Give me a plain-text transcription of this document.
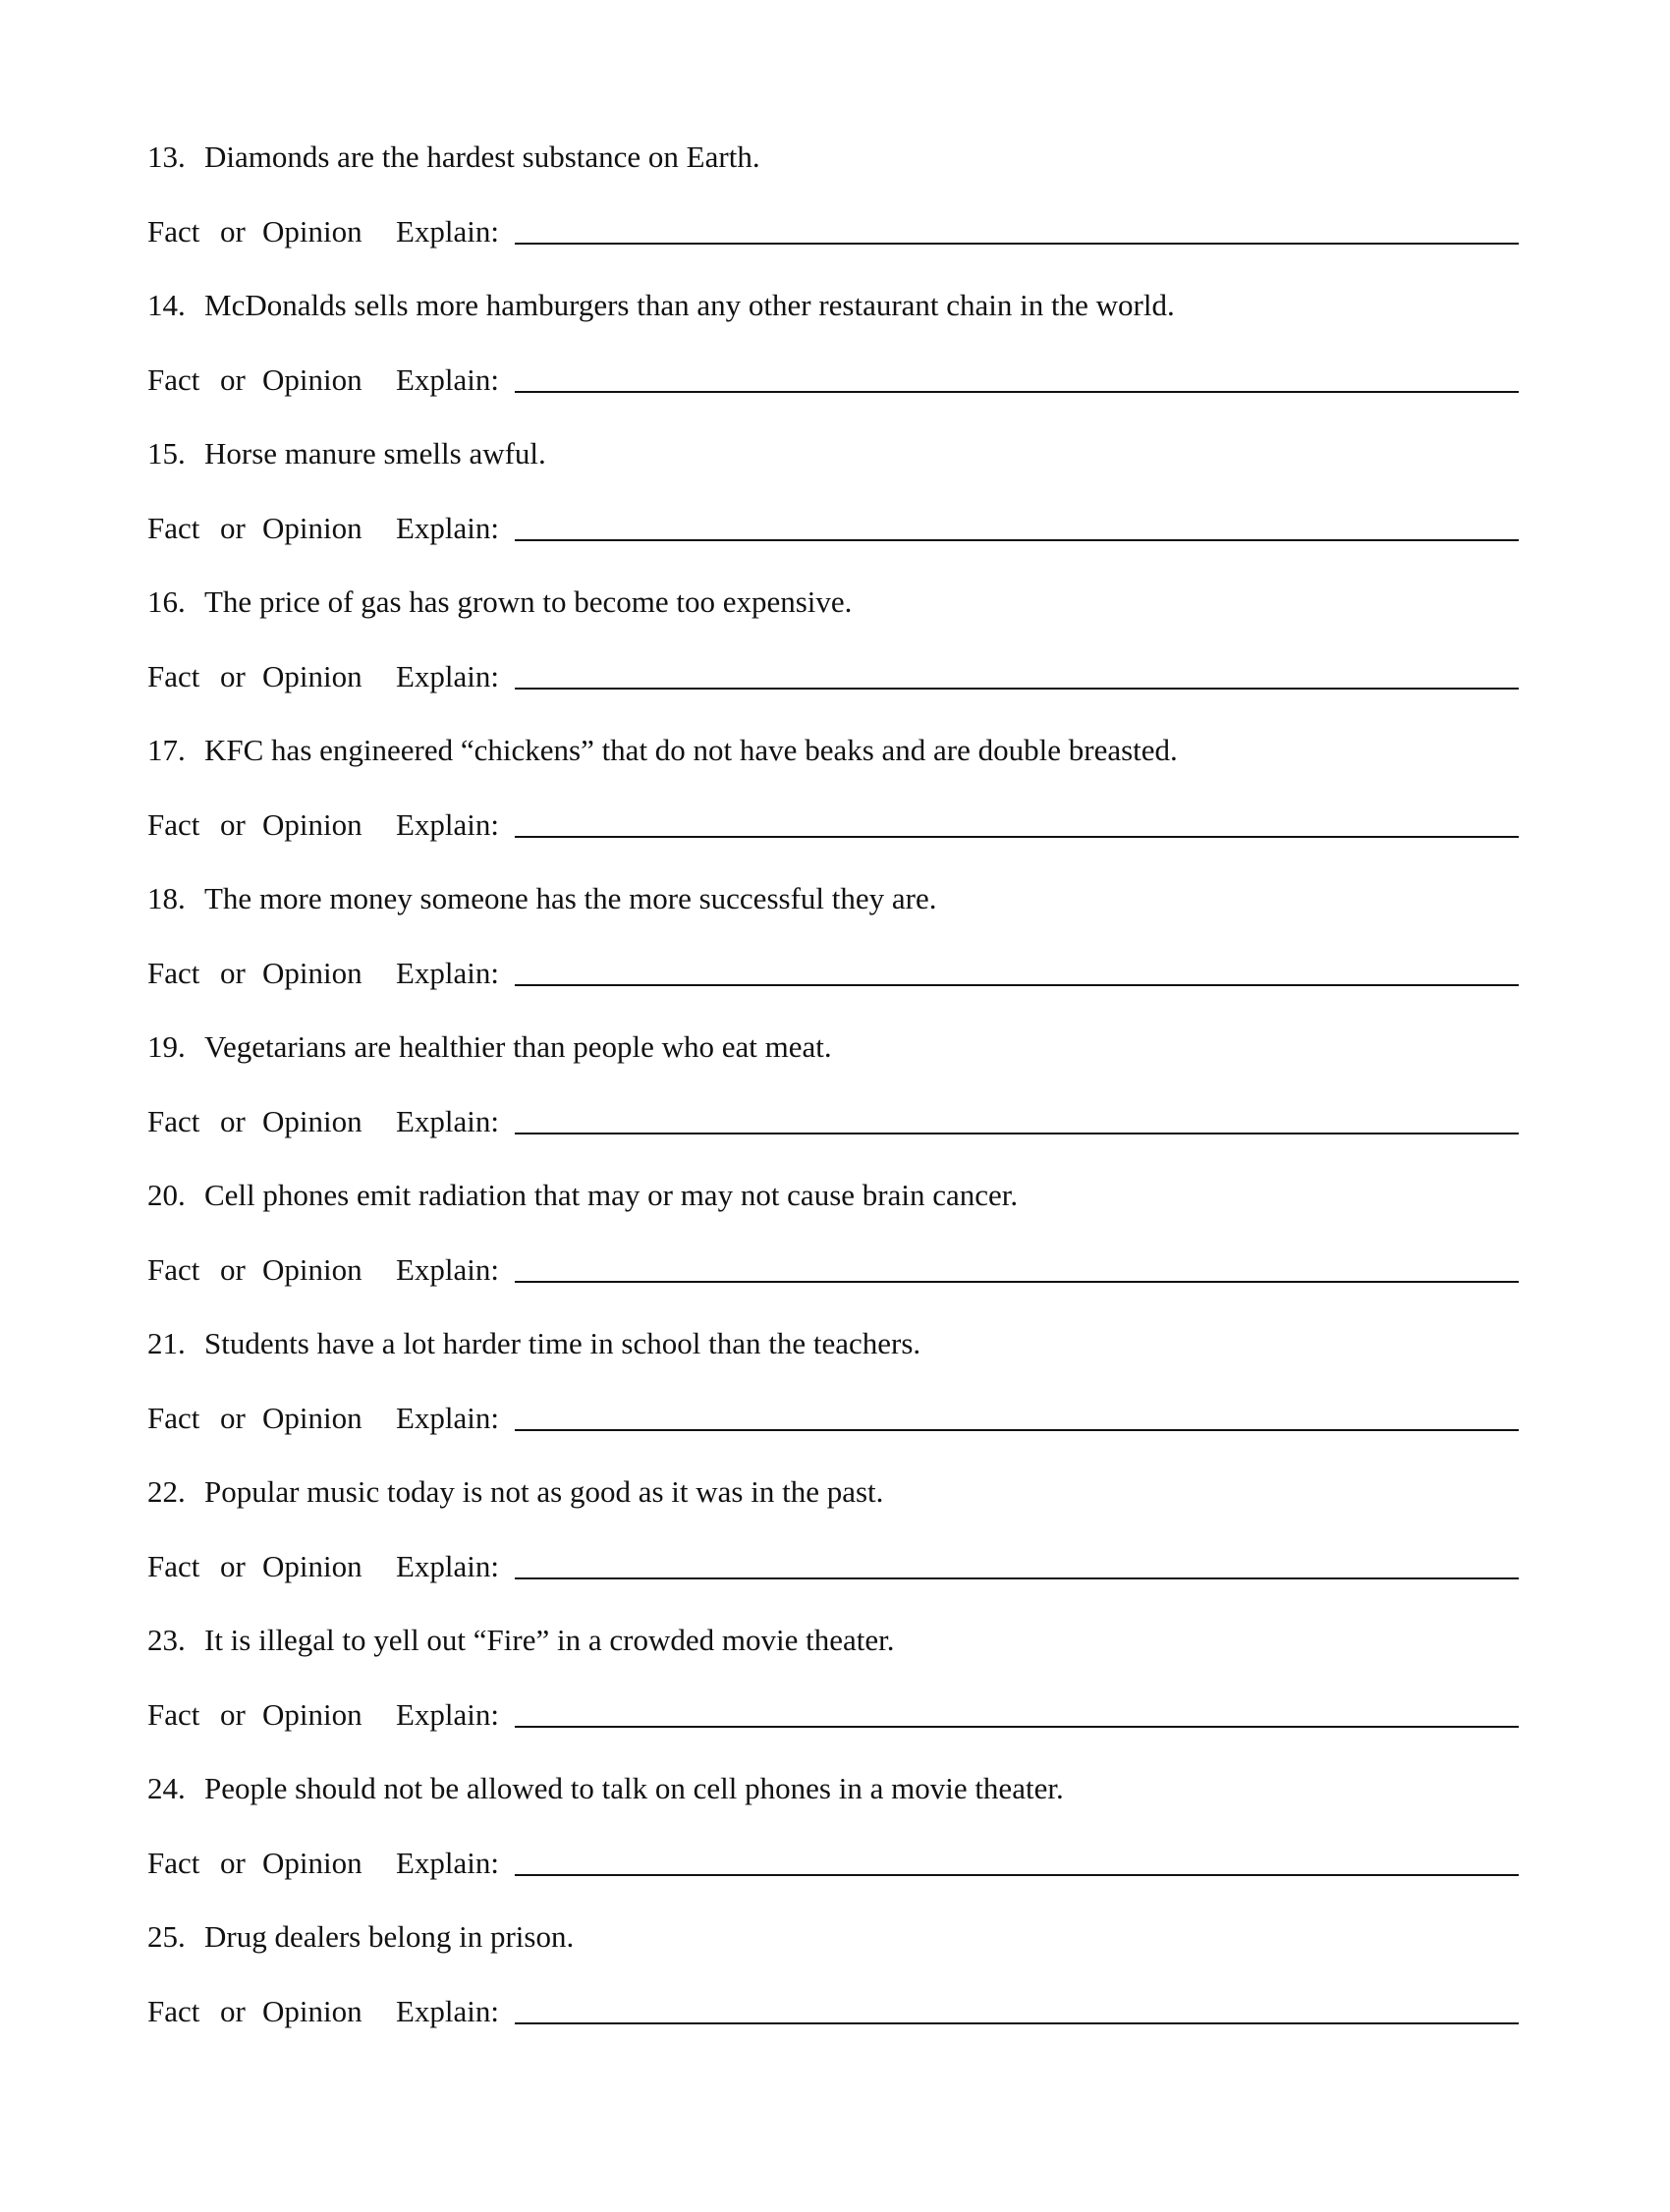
13. Diamonds are the hardest substance on Earth.
Fact or Opinion Explain:
14. McDonalds sells more hamburgers than any other restaurant chain in the world.
Fact or Opinion Explain:
15. Horse manure smells awful.
Fact or Opinion Explain:
16. The price of gas has grown to become too expensive.
Fact or Opinion Explain:
17. KFC has engineered “chickens” that do not have beaks and are double breasted.
Fact or Opinion Explain:
18. The more money someone has the more successful they are.
Fact or Opinion Explain:
19. Vegetarians are healthier than people who eat meat.
Fact or Opinion Explain:
20. Cell phones emit radiation that may or may not cause brain cancer.
Fact or Opinion Explain:
21. Students have a lot harder time in school than the teachers.
Fact or Opinion Explain:
22. Popular music today is not as good as it was in the past.
Fact or Opinion Explain:
23. It is illegal to yell out “Fire” in a crowded movie theater.
Fact or Opinion Explain:
24. People should not be allowed to talk on cell phones in a movie theater.
Fact or Opinion Explain:
25. Drug dealers belong in prison.
Fact or Opinion Explain:
